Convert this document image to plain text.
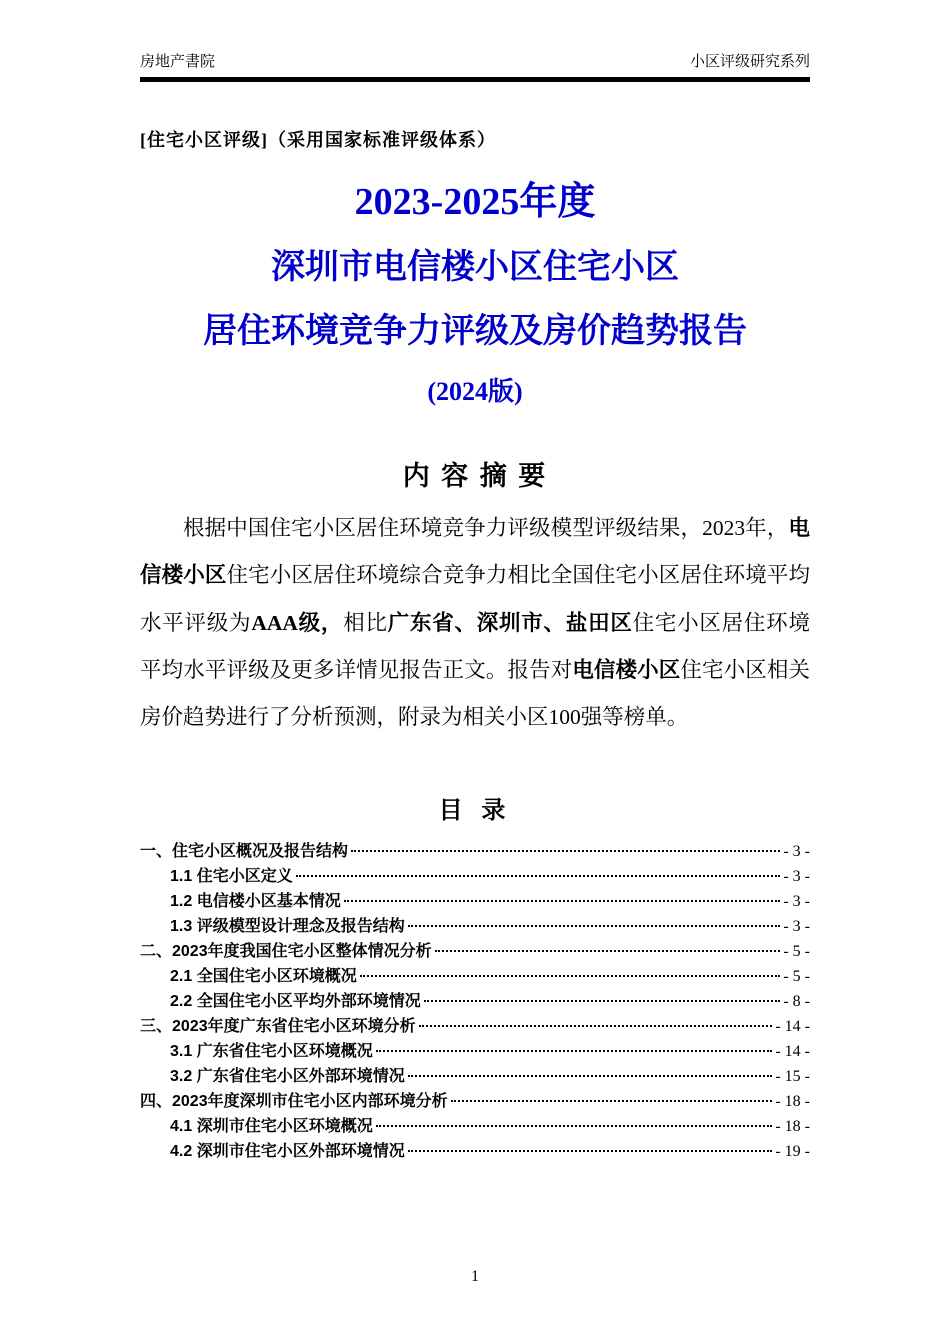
房地产書院	小区评级研究系列
[住宅小区评级]（采用国家标准评级体系）
2023-2025年度
深圳市电信楼小区住宅小区
居住环境竞争力评级及房价趋势报告
(2024版)
内 容 摘 要

根据中国住宅小区居住环境竞争力评级模型评级结果，2023年，电信楼小区住宅小区居住环境综合竞争力相比全国住宅小区居住环境平均水平评级为AAA级，相比广东省、深圳市、盐田区住宅小区居住环境平均水平评级及更多详情见报告正文。报告对电信楼小区住宅小区相关房价趋势进行了分析预测，附录为相关小区100强等榜单。

目 录
一、住宅小区概况及报告结构	- 3 -
1.1 住宅小区定义	- 3 -
1.2 电信楼小区基本情况	- 3 -
1.3 评级模型设计理念及报告结构	- 3 -
二、2023年度我国住宅小区整体情况分析	- 5 -
2.1 全国住宅小区环境概况	- 5 -
2.2 全国住宅小区平均外部环境情况	- 8 -
三、2023年度广东省住宅小区环境分析	- 14 -
3.1 广东省住宅小区环境概况	- 14 -
3.2 广东省住宅小区外部环境情况	- 15 -
四、2023年度深圳市住宅小区内部环境分析	- 18 -
4.1 深圳市住宅小区环境概况	- 18 -
4.2 深圳市住宅小区外部环境情况	- 19 -
1
